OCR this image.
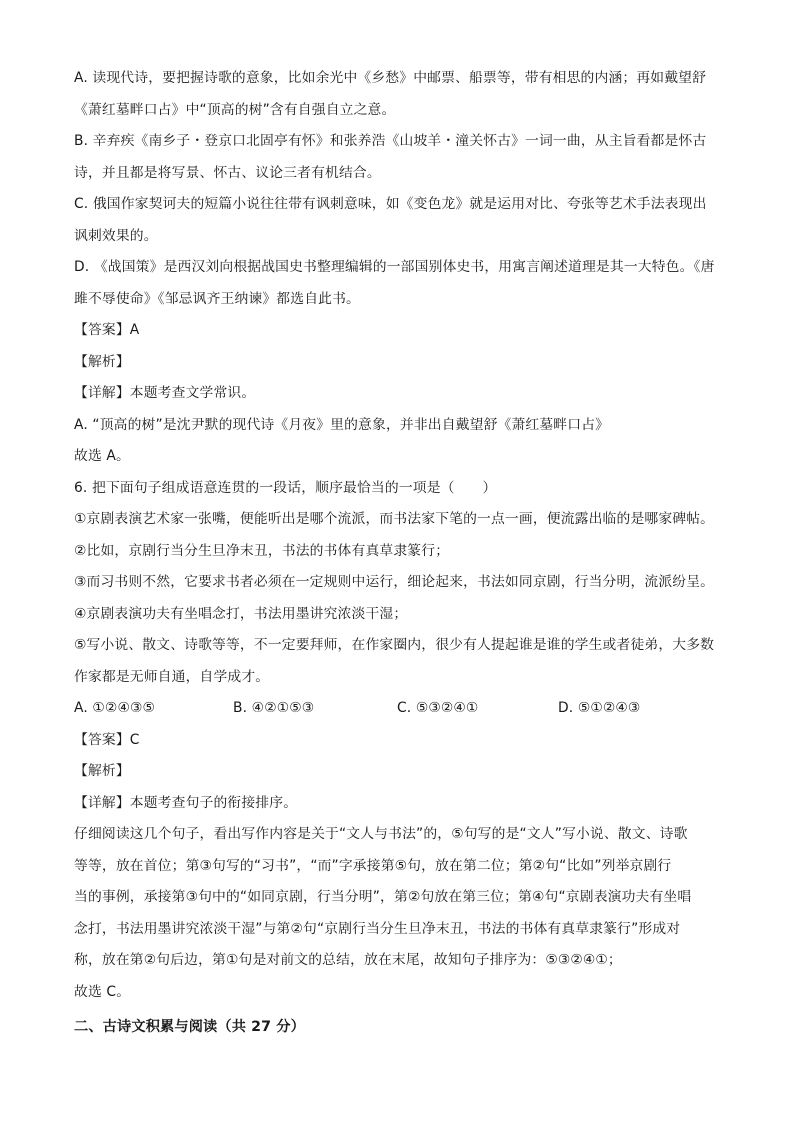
A. 读现代诗，要把握诗歌的意象，比如余光中《乡愁》中邮票、船票等，带有相思的内涵；再如戴望舒
《萧红墓畔口占》中“顶高的树”含有自强自立之意。
B. 辛弃疾《南乡子・登京口北固亭有怀》和张养浩《山坡羊・潼关怀古》一词一曲，从主旨看都是怀古
诗，并且都是将写景、怀古、议论三者有机结合。
C. 俄国作家契诃夫的短篇小说往往带有讽刺意味，如《变色龙》就是运用对比、夸张等艺术手法表现出
讽刺效果的。
D. 《战国策》是西汉刘向根据战国史书整理编辑的一部国别体史书，用寓言阐述道理是其一大特色。《唐
雎不辱使命》《邹忌讽齐王纳谏》都选自此书。
【答案】A
【解析】
【详解】本题考查文学常识。
A. “顶高的树”是沈尹默的现代诗《月夜》里的意象，并非出自戴望舒《萧红墓畔口占》
故选 A。
6. 把下面句子组成语意连贯的一段话，顺序最恰当的一项是（　　）
①京剧表演艺术家一张嘴，便能听出是哪个流派，而书法家下笔的一点一画，便流露出临的是哪家碑帖。
②比如，京剧行当分生旦净末丑，书法的书体有真草隶篆行；
③而习书则不然，它要求书者必须在一定规则中运行，细论起来，书法如同京剧，行当分明，流派纷呈。
④京剧表演功夫有坐唱念打，书法用墨讲究浓淡干湿；
⑤写小说、散文、诗歌等等，不一定要拜师，在作家圈内，很少有人提起谁是谁的学生或者徒弟，大多数
作家都是无师自通，自学成才。
A. ①②④③⑤	B. ④②①⑤③	C. ⑤③②④①	D. ⑤①②④③
【答案】C
【解析】
【详解】本题考查句子的衔接排序。
仔细阅读这几个句子，看出写作内容是关于“文人与书法”的，⑤句写的是“文人”写小说、散文、诗歌
等等，放在首位；第③句写的“习书”，“而”字承接第⑤句，放在第二位；第②句“比如”列举京剧行
当的事例，承接第③句中的“如同京剧，行当分明”，第②句放在第三位；第④句“京剧表演功夫有坐唱
念打，书法用墨讲究浓淡干湿”与第②句“京剧行当分生旦净末丑，书法的书体有真草隶篆行”形成对
称，放在第②句后边，第①句是对前文的总结，放在末尾，故知句子排序为：⑤③②④①；
故选 C。
二、古诗文积累与阅读（共 27 分）
